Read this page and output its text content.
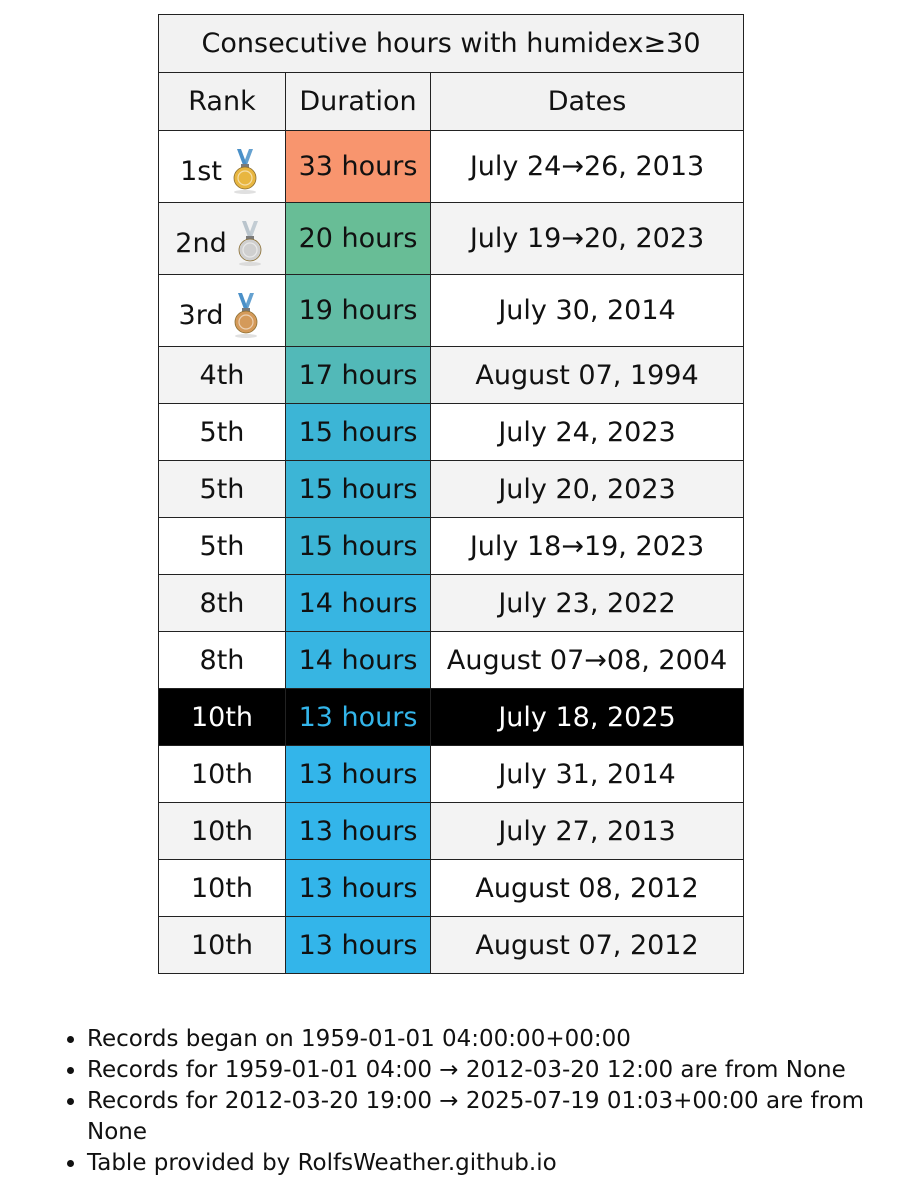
Consecutive hours with humidex≥30		
Rank	Duration	Dates

1st	33 hours	July 24→26, 2013

2nd	20 hours	July 19→20, 2023

3rd	19 hours	July 30, 2014
4th	17 hours	August 07, 1994
5th	15 hours	July 24, 2023
5th	15 hours	July 20, 2023
5th	15 hours	July 18→19, 2023
8th	14 hours	July 23, 2022
8th	14 hours	August 07→08, 2004
10th	13 hours	July 18, 2025
10th	13 hours	July 31, 2014
10th	13 hours	July 27, 2013
10th	13 hours	August 08, 2012
10th	13 hours	August 07, 2012
• Records began on 1959-01-01 04:00:00+00:00
• Records for 1959-01-01 04:00 → 2012-03-20 12:00 are from None
• Records for 2012-03-20 19:00 → 2025-07-19 01:03+00:00 are from None
• Table provided by RolfsWeather.github.io
